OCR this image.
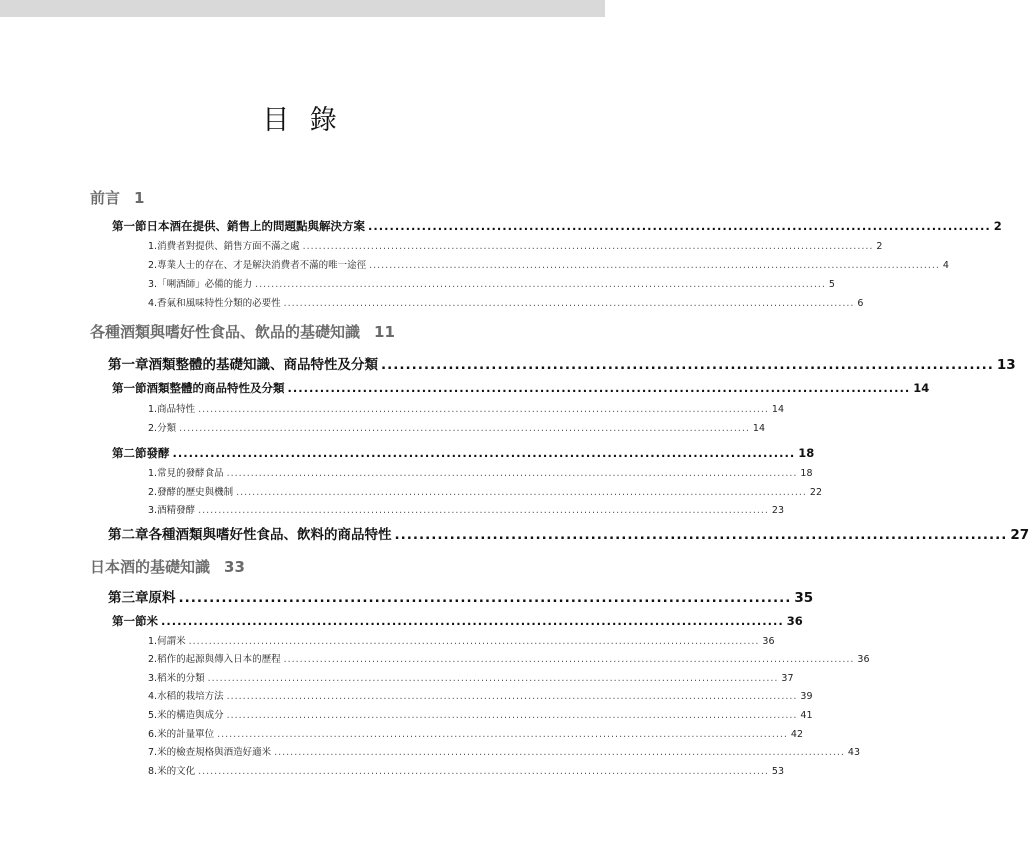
目 錄
前言 1
第一節 日本酒在提供、銷售上的問題點與解決方案 .................................................................................................................... 2
1. 消費者對提供、銷售方面不滿之處 .............................................................................................................................................. 2
2. 專業人士的存在、才是解決消費者不滿的唯一途徑 .............................................................................................................................................. 4
3. 「唎酒師」必備的能力 .............................................................................................................................................. 5
4. 香氣和風味特性分類的必要性 .............................................................................................................................................. 6
各種酒類與嗜好性食品、飲品的基礎知識 11
第一章 酒類整體的基礎知識、商品特性及分類 .................................................................................................... 13
第一節 酒類整體的商品特性及分類 .................................................................................................................... 14
1. 商品特性 .............................................................................................................................................. 14
2. 分類 .............................................................................................................................................. 14
第二節 發酵 .................................................................................................................... 18
1. 常見的發酵食品 .............................................................................................................................................. 18
2. 發酵的歷史與機制 .............................................................................................................................................. 22
3. 酒精發酵 .............................................................................................................................................. 23
第二章 各種酒類與嗜好性食品、飲料的商品特性 .................................................................................................... 27
日本酒的基礎知識 33
第三章 原料 .................................................................................................... 35
第一節 米 .................................................................................................................... 36
1. 何謂米 .............................................................................................................................................. 36
2. 稻作的起源與傳入日本的歷程 .............................................................................................................................................. 36
3. 稻米的分類 .............................................................................................................................................. 37
4. 水稻的栽培方法 .............................................................................................................................................. 39
5. 米的構造與成分 .............................................................................................................................................. 41
6. 米的計量單位 .............................................................................................................................................. 42
7. 米的檢查規格與酒造好適米 .............................................................................................................................................. 43
8. 米的文化 .............................................................................................................................................. 53
